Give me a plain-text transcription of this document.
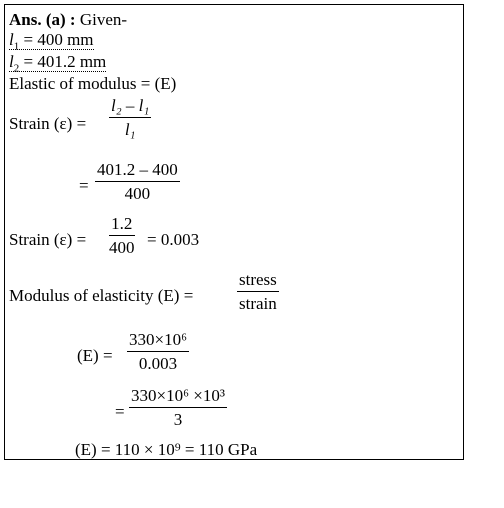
Ans. (a) : Given-
$l_1 = 400$ mm
$l_2 = 401.2$ mm
Elastic of modulus = (E)
Strain $(\varepsilon) = \frac{\text{l₂ – l₁}}{\text{l₁}}$
= $\frac{401.2 - 400}{400}$
Strain $(\varepsilon) = \frac{1.2}{400} = 0.003$
Modulus of elasticity (E) =
stress
strain
$(E) = \frac{\text{330×10⁶}}{0.003}$
= $\frac{\text{330×10⁶ ×10³}}{3}$
(E) = 110 × 10⁹ = 110 GPa
